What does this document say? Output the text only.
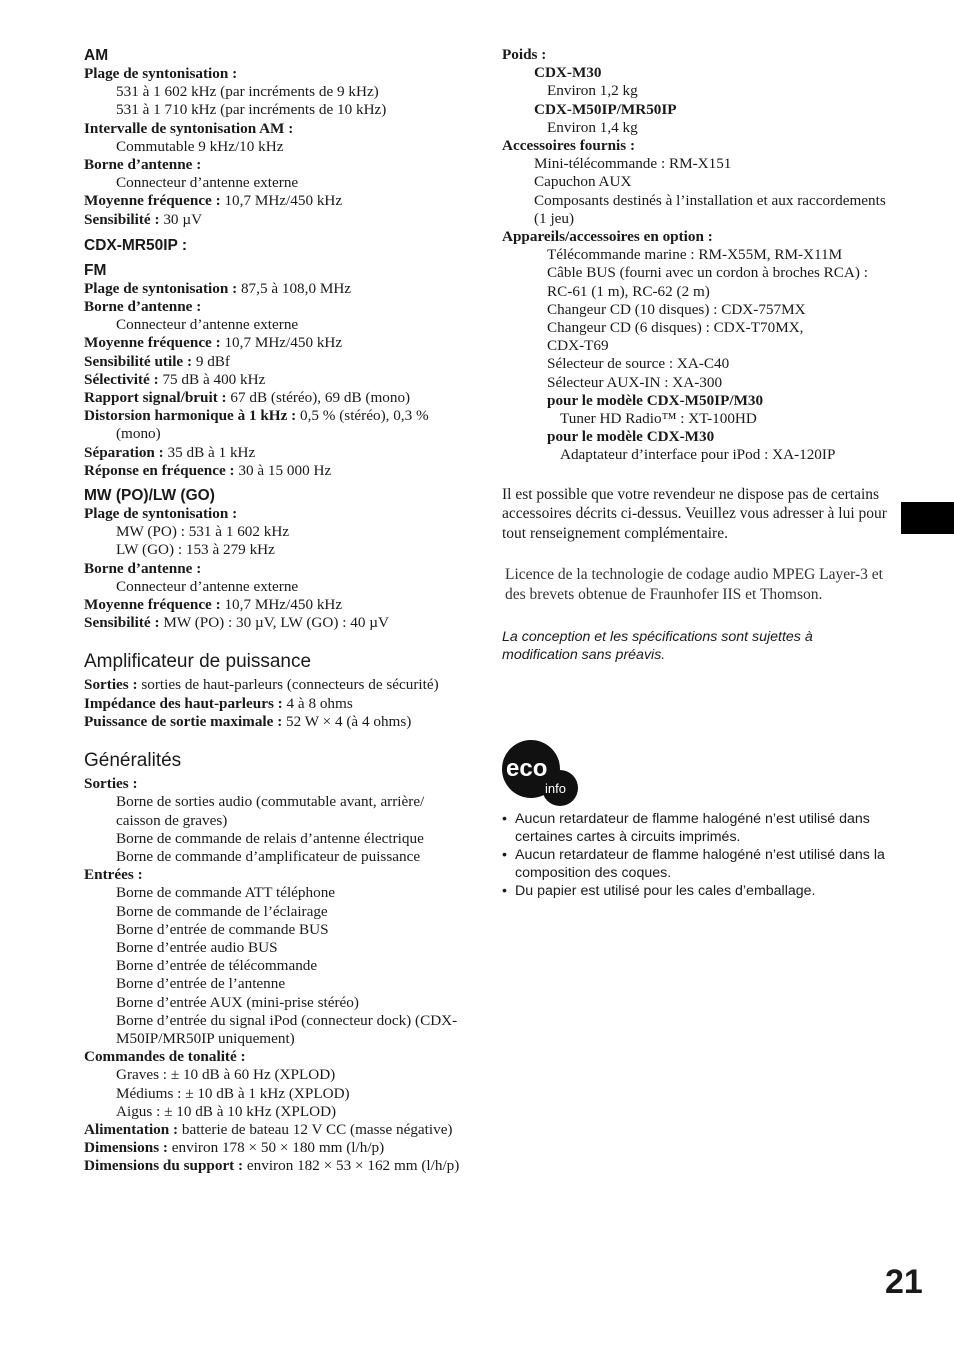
AM
Plage de syntonisation :
531 à 1 602 kHz (par incréments de 9 kHz)
531 à 1 710 kHz (par incréments de 10 kHz)
Intervalle de syntonisation AM :
Commutable 9 kHz/10 kHz
Borne d’antenne :
Connecteur d’antenne externe
Moyenne fréquence : 10,7 MHz/450 kHz
Sensibilité : 30 µV
CDX-MR50IP :
FM
Plage de syntonisation : 87,5 à 108,0 MHz
Borne d’antenne :
Connecteur d’antenne externe
Moyenne fréquence : 10,7 MHz/450 kHz
Sensibilité utile : 9 dBf
Sélectivité : 75 dB à 400 kHz
Rapport signal/bruit : 67 dB (stéréo), 69 dB (mono)
Distorsion harmonique à 1 kHz : 0,5 % (stéréo), 0,3 % (mono)
Séparation : 35 dB à 1 kHz
Réponse en fréquence : 30 à 15 000 Hz
MW (PO)/LW (GO)
Plage de syntonisation :
MW (PO) : 531 à 1 602 kHz
LW (GO) : 153 à 279 kHz
Borne d’antenne :
Connecteur d’antenne externe
Moyenne fréquence : 10,7 MHz/450 kHz
Sensibilité : MW (PO) : 30 µV, LW (GO) : 40 µV
Amplificateur de puissance
Sorties : sorties de haut-parleurs (connecteurs de sécurité)
Impédance des haut-parleurs : 4 à 8 ohms
Puissance de sortie maximale : 52 W × 4 (à 4 ohms)
Généralités
Sorties :
Borne de sorties audio (commutable avant, arrière/ caisson de graves)
Borne de commande de relais d’antenne électrique
Borne de commande d’amplificateur de puissance
Entrées :
Borne de commande ATT téléphone
Borne de commande de l’éclairage
Borne d’entrée de commande BUS
Borne d’entrée audio BUS
Borne d’entrée de télécommande
Borne d’entrée de l’antenne
Borne d’entrée AUX (mini-prise stéréo)
Borne d’entrée du signal iPod (connecteur dock) (CDX-M50IP/MR50IP uniquement)
Commandes de tonalité :
Graves : ± 10 dB à 60 Hz (XPLOD)
Médiums : ± 10 dB à 1 kHz (XPLOD)
Aigus : ± 10 dB à 10 kHz (XPLOD)
Alimentation : batterie de bateau 12 V CC (masse négative)
Dimensions : environ 178 × 50 × 180 mm (l/h/p)
Dimensions du support : environ 182 × 53 × 162 mm (l/h/p)
Poids :
CDX-M30
Environ 1,2 kg
CDX-M50IP/MR50IP
Environ 1,4 kg
Accessoires fournis :
Mini-télécommande : RM-X151
Capuchon AUX
Composants destinés à l’installation et aux raccordements (1 jeu)
Appareils/accessoires en option :
Télécommande marine : RM-X55M, RM-X11M
Câble BUS (fourni avec un cordon à broches RCA) : RC-61 (1 m), RC-62 (2 m)
Changeur CD (10 disques) : CDX-757MX
Changeur CD (6 disques) : CDX-T70MX, CDX-T69
Sélecteur de source : XA-C40
Sélecteur AUX-IN : XA-300
pour le modèle CDX-M50IP/M30
Tuner HD Radio™ : XT-100HD
pour le modèle CDX-M30
Adaptateur d’interface pour iPod : XA-120IP
Il est possible que votre revendeur ne dispose pas de certains accessoires décrits ci-dessus. Veuillez vous adresser à lui pour tout renseignement complémentaire.
Licence de la technologie de codage audio MPEG Layer-3 et des brevets obtenue de Fraunhofer IIS et Thomson.
La conception et les spécifications sont sujettes à modification sans préavis.
eco
info
• Aucun retardateur de flamme halogéné n’est utilisé dans certaines cartes à circuits imprimés.
• Aucun retardateur de flamme halogéné n’est utilisé dans la composition des coques.
• Du papier est utilisé pour les cales d’emballage.
21
